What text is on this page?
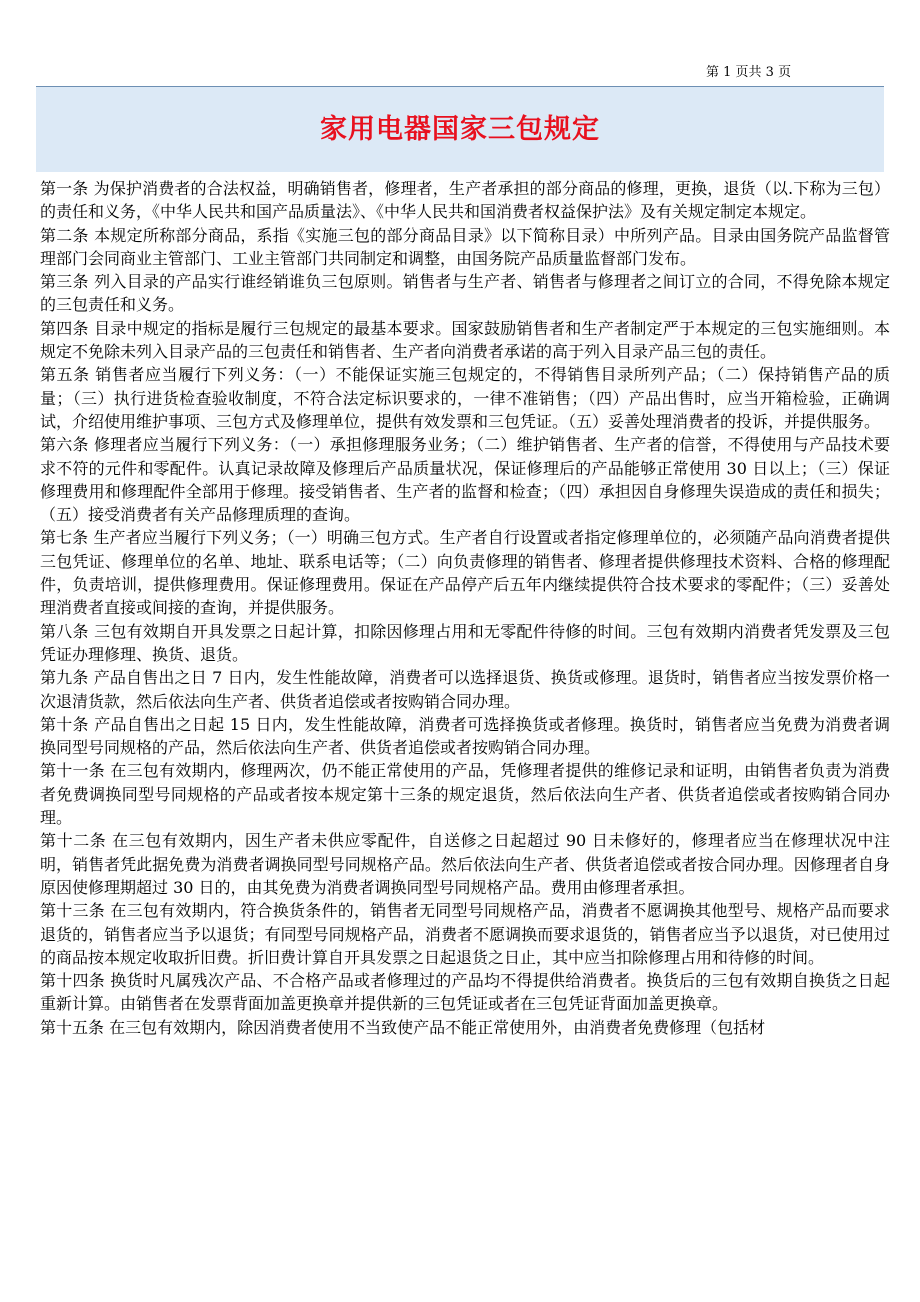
第 1 页共 3 页
家用电器国家三包规定

第一条 为保护消费者的合法权益，明确销售者，修理者，生产者承担的部分商品的修理，更换，退货（以.下称为三包）的责任和义务，《中华人民共和国产品质量法》、《中华人民共和国消费者权益保护法》及有关规定制定本规定。

第二条 本规定所称部分商品，系指《实施三包的部分商品目录》以下简称目录）中所列产品。目录由国务院产品监督管理部门会同商业主管部门、工业主管部门共同制定和调整，由国务院产品质量监督部门发布。

第三条 列入目录的产品实行谁经销谁负三包原则。销售者与生产者、销售者与修理者之间订立的合同，不得免除本规定的三包责任和义务。

第四条 目录中规定的指标是履行三包规定的最基本要求。国家鼓励销售者和生产者制定严于本规定的三包实施细则。本规定不免除未列入目录产品的三包责任和销售者、生产者向消费者承诺的高于列入目录产品三包的责任。

第五条 销售者应当履行下列义务：（一）不能保证实施三包规定的，不得销售目录所列产品；（二）保持销售产品的质量；（三）执行进货检查验收制度，不符合法定标识要求的，一律不准销售；（四）产品出售时，应当开箱检验，正确调试，介绍使用维护事项、三包方式及修理单位，提供有效发票和三包凭证。（五）妥善处理消费者的投诉，并提供服务。

第六条 修理者应当履行下列义务：（一）承担修理服务业务；（二）维护销售者、生产者的信誉，不得使用与产品技术要求不符的元件和零配件。认真记录故障及修理后产品质量状况，保证修理后的产品能够正常使用 30 日以上；（三）保证修理费用和修理配件全部用于修理。接受销售者、生产者的监督和检查；（四）承担因自身修理失误造成的责任和损失；（五）接受消费者有关产品修理质理的查询。

第七条 生产者应当履行下列义务；（一）明确三包方式。生产者自行设置或者指定修理单位的，必须随产品向消费者提供三包凭证、修理单位的名单、地址、联系电话等；（二）向负责修理的销售者、修理者提供修理技术资料、合格的修理配件，负责培训，提供修理费用。保证修理费用。保证在产品停产后五年内继续提供符合技术要求的零配件；（三）妥善处理消费者直接或间接的查询，并提供服务。

第八条 三包有效期自开具发票之日起计算，扣除因修理占用和无零配件待修的时间。三包有效期内消费者凭发票及三包凭证办理修理、换货、退货。

第九条 产品自售出之日 7 日内，发生性能故障，消费者可以选择退货、换货或修理。退货时，销售者应当按发票价格一次退清货款，然后依法向生产者、供货者追偿或者按购销合同办理。

第十条 产品自售出之日起 15 日内，发生性能故障，消费者可选择换货或者修理。换货时，销售者应当免费为消费者调换同型号同规格的产品，然后依法向生产者、供货者追偿或者按购销合同办理。

第十一条 在三包有效期内，修理两次，仍不能正常使用的产品，凭修理者提供的维修记录和证明，由销售者负责为消费者免费调换同型号同规格的产品或者按本规定第十三条的规定退货，然后依法向生产者、供货者追偿或者按购销合同办理。

第十二条 在三包有效期内，因生产者未供应零配件，自送修之日起超过 90 日未修好的，修理者应当在修理状况中注明，销售者凭此据免费为消费者调换同型号同规格产品。然后依法向生产者、供货者追偿或者按合同办理。因修理者自身原因使修理期超过 30 日的，由其免费为消费者调换同型号同规格产品。费用由修理者承担。

第十三条 在三包有效期内，符合换货条件的，销售者无同型号同规格产品，消费者不愿调换其他型号、规格产品而要求退货的，销售者应当予以退货；有同型号同规格产品，消费者不愿调换而要求退货的，销售者应当予以退货，对已使用过的商品按本规定收取折旧费。折旧费计算自开具发票之日起退货之日止，其中应当扣除修理占用和待修的时间。

第十四条 换货时凡属残次产品、不合格产品或者修理过的产品均不得提供给消费者。换货后的三包有效期自换货之日起重新计算。由销售者在发票背面加盖更换章并提供新的三包凭证或者在三包凭证背面加盖更换章。

第十五条 在三包有效期内，除因消费者使用不当致使产品不能正常使用外，由消费者免费修理（包括材
